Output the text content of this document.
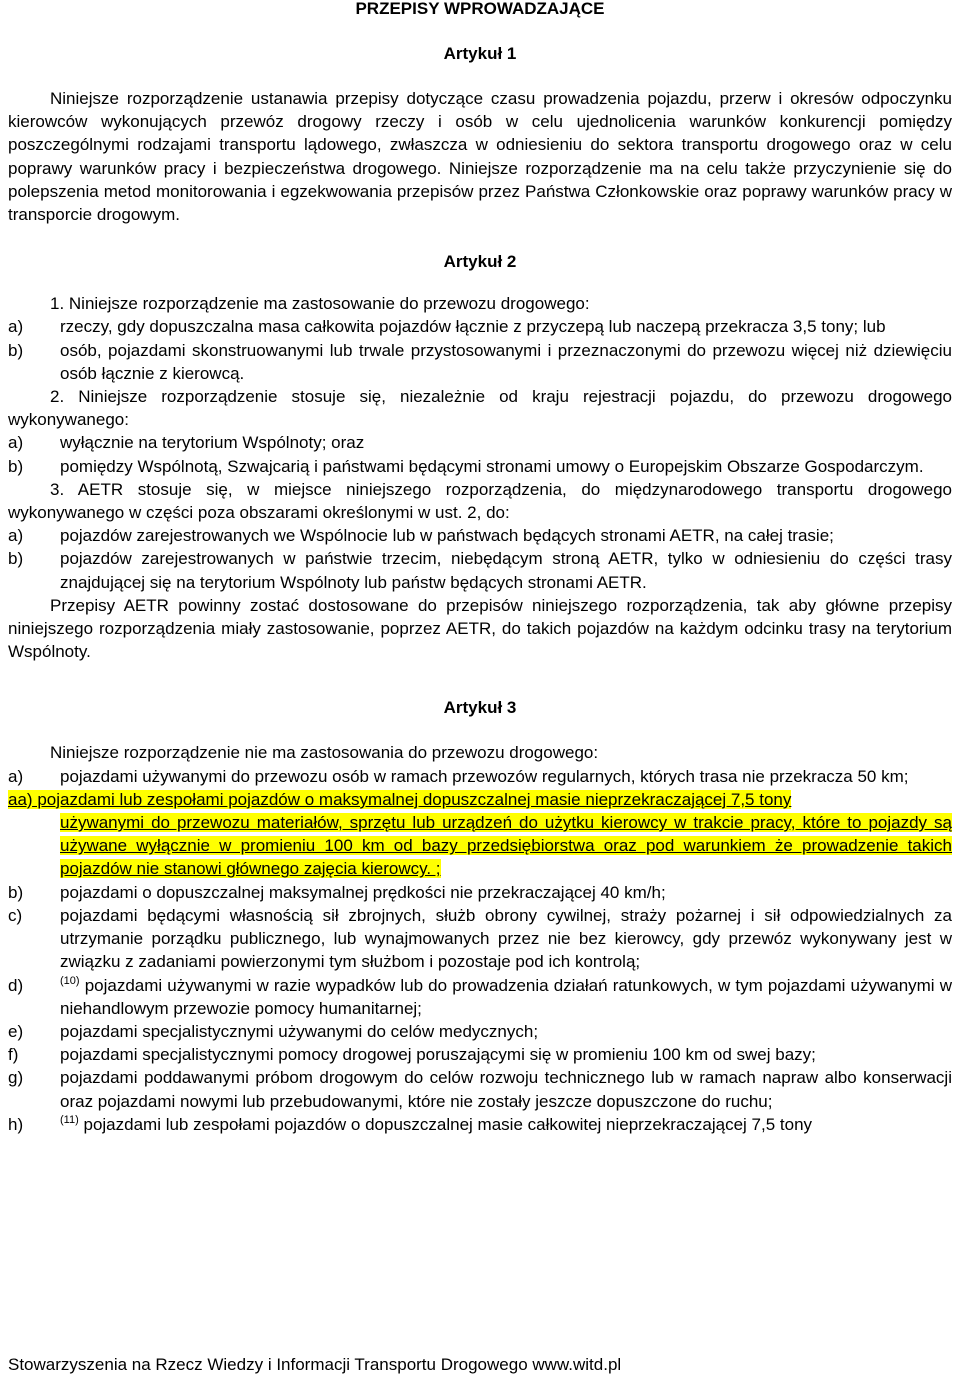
PRZEPISY WPROWADZAJĄCE
Artykuł 1

Niniejsze rozporządzenie ustanawia przepisy dotyczące czasu prowadzenia pojazdu, przerw i okresów odpoczynku kierowców wykonujących przewóz drogowy rzeczy i osób w celu ujednolicenia warunków konkurencji pomiędzy poszczególnymi rodzajami transportu lądowego, zwłaszcza w odniesieniu do sektora transportu drogowego oraz w celu poprawy warunków pracy i bezpieczeństwa drogowego. Niniejsze rozporządzenie ma na celu także przyczynienie się do polepszenia metod monitorowania i egzekwowania przepisów przez Państwa Członkowskie oraz poprawy warunków pracy w transporcie drogowym.

Artykuł 2

1. Niniejsze rozporządzenie ma zastosowanie do przewozu drogowego:

a)	rzeczy, gdy dopuszczalna masa całkowita pojazdów łącznie z przyczepą lub naczepą przekracza 3,5 tony; lub
b)	osób, pojazdami skonstruowanymi lub trwale przystosowanymi i przeznaczonymi do przewozu więcej niż dziewięciu osób łącznie z kierowcą.

2. Niniejsze rozporządzenie stosuje się, niezależnie od kraju rejestracji pojazdu, do przewozu drogowego wykonywanego:

a)	wyłącznie na terytorium Wspólnoty; oraz
b)	pomiędzy Wspólnotą, Szwajcarią i państwami będącymi stronami umowy o Europejskim Obszarze Gospodarczym.

3. AETR stosuje się, w miejsce niniejszego rozporządzenia, do międzynarodowego transportu drogowego wykonywanego w części poza obszarami określonymi w ust. 2, do:

a)	pojazdów zarejestrowanych we Wspólnocie lub w państwach będących stronami AETR, na całej trasie;
b)	pojazdów zarejestrowanych w państwie trzecim, niebędącym stroną AETR, tylko w odniesieniu do części trasy znajdującej się na terytorium Wspólnoty lub państw będących stronami AETR.

Przepisy AETR powinny zostać dostosowane do przepisów niniejszego rozporządzenia, tak aby główne przepisy niniejszego rozporządzenia miały zastosowanie, poprzez AETR, do takich pojazdów na każdym odcinku trasy na terytorium Wspólnoty.

Artykuł 3

Niniejsze rozporządzenie nie ma zastosowania do przewozu drogowego:

a)	pojazdami używanymi do przewozu osób w ramach przewozów regularnych, których trasa nie przekracza 50 km;
aa) pojazdami lub zespołami pojazdów o maksymalnej dopuszczalnej masie nieprzekraczającej 7,5 tony
używanymi do przewozu materiałów, sprzętu lub urządzeń do użytku kierowcy w trakcie pracy, które to pojazdy są używane wyłącznie w promieniu 100 km od bazy przedsiębiorstwa oraz pod warunkiem że prowadzenie takich pojazdów nie stanowi głównego zajęcia kierowcy. ;
b)	pojazdami o dopuszczalnej maksymalnej prędkości nie przekraczającej 40 km/h;
c)	pojazdami będącymi własnością sił zbrojnych, służb obrony cywilnej, straży pożarnej i sił odpowiedzialnych za utrzymanie porządku publicznego, lub wynajmowanych przez nie bez kierowcy, gdy przewóz wykonywany jest w związku z zadaniami powierzonymi tym służbom i pozostaje pod ich kontrolą;
d)	$^{(10)}$ pojazdami używanymi w razie wypadków lub do prowadzenia działań ratunkowych, w tym pojazdami używanymi w niehandlowym przewozie pomocy humanitarnej;
e)	pojazdami specjalistycznymi używanymi do celów medycznych;
f)	pojazdami specjalistycznymi pomocy drogowej poruszającymi się w promieniu 100 km od swej bazy;
g)	pojazdami poddawanymi próbom drogowym do celów rozwoju technicznego lub w ramach napraw albo konserwacji oraz pojazdami nowymi lub przebudowanymi, które nie zostały jeszcze dopuszczone do ruchu;
h)	$^{(11)}$ pojazdami lub zespołami pojazdów o dopuszczalnej masie całkowitej nieprzekraczającej 7,5 tony
Stowarzyszenia na Rzecz Wiedzy i Informacji Transportu Drogowego www.witd.pl
